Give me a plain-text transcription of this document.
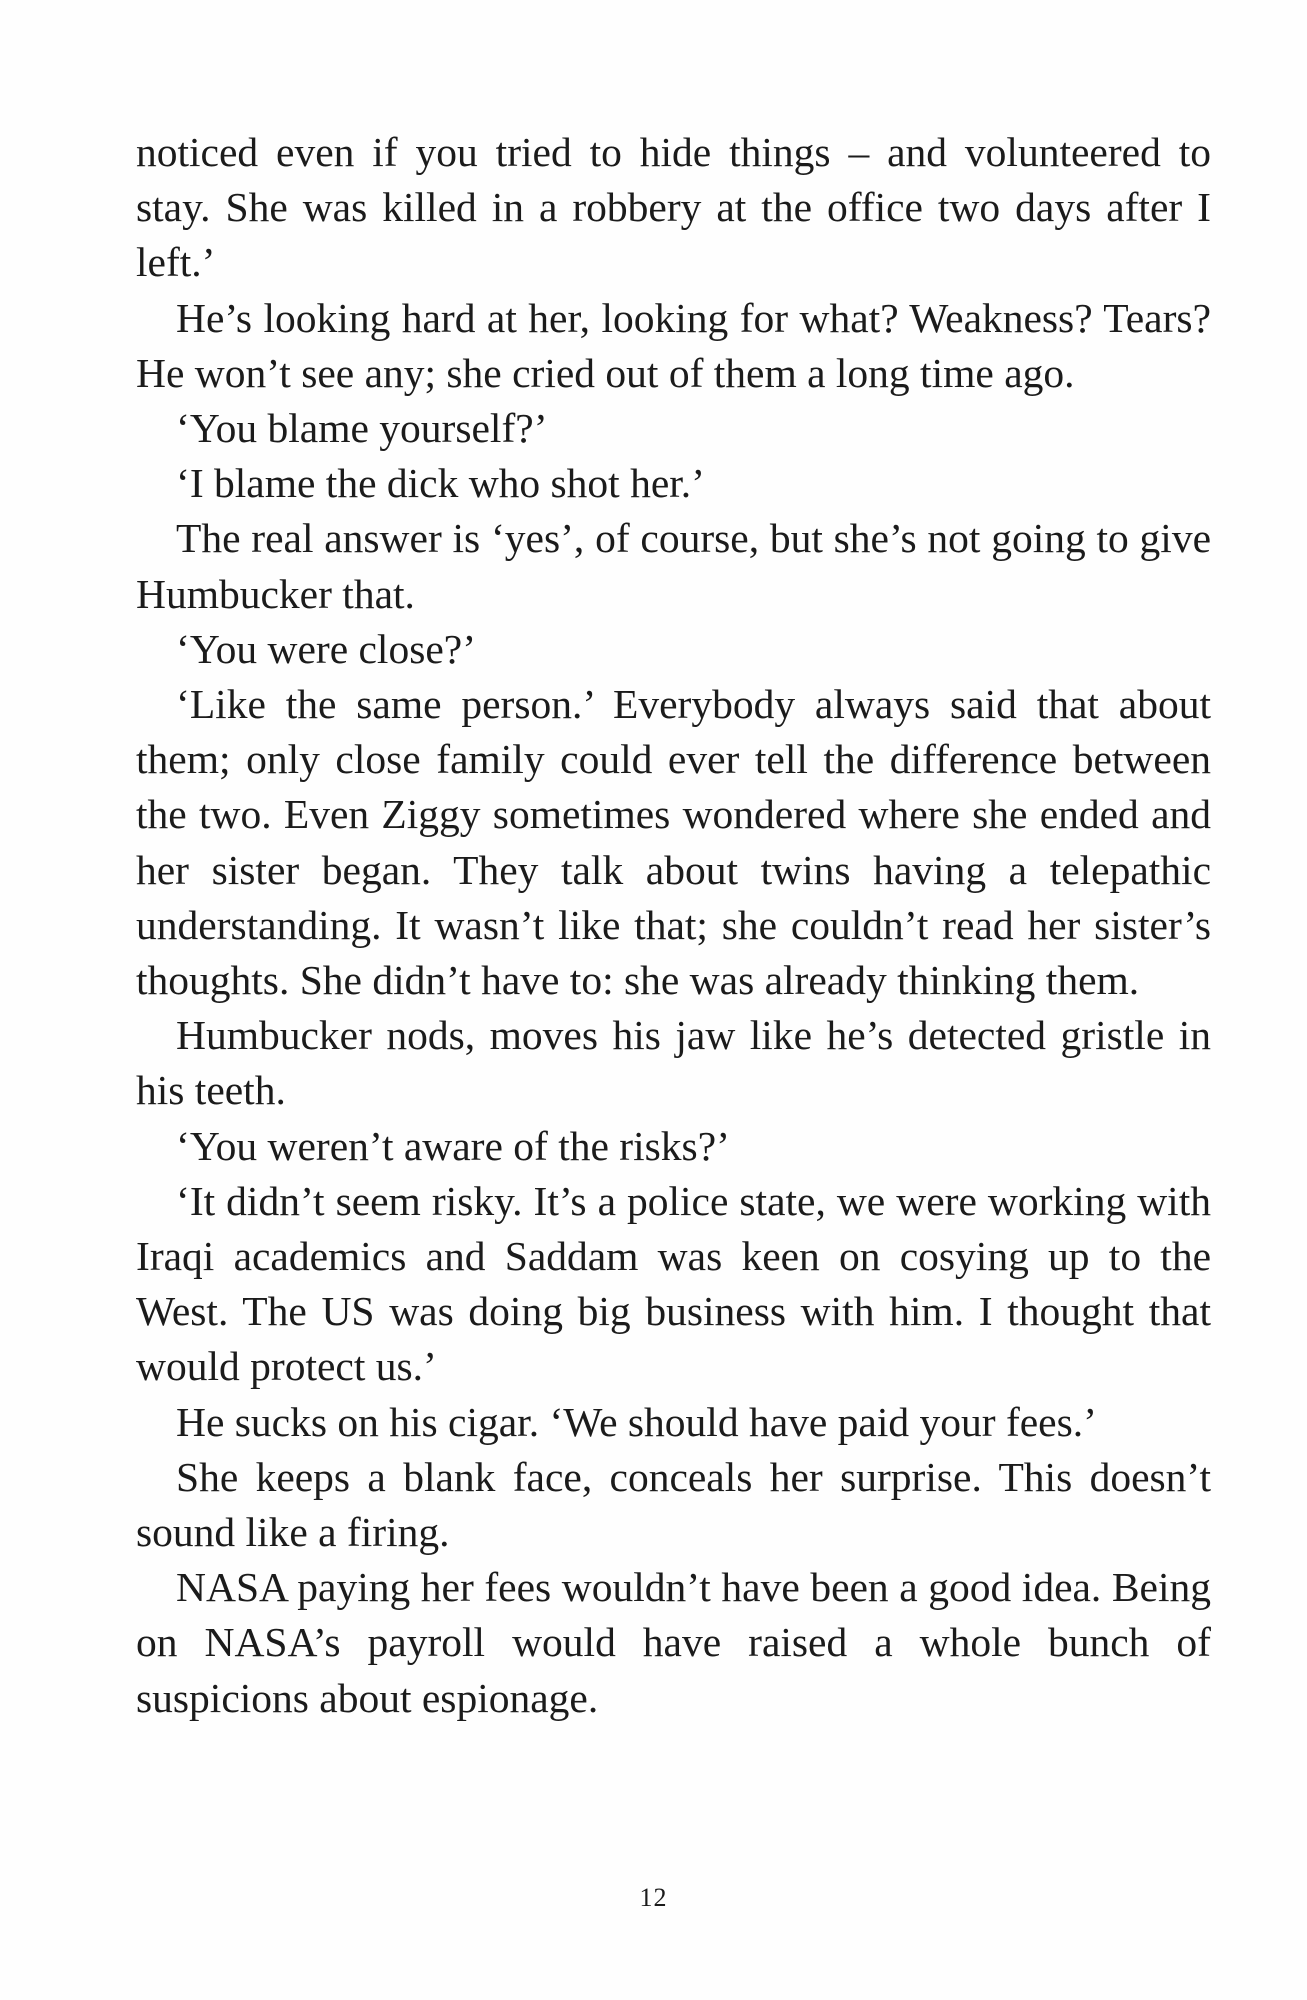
noticed even if you tried to hide things – and volunteered to stay. She was killed in a robbery at the office two days after I left.’

He’s looking hard at her, looking for what? Weakness? Tears? He won’t see any; she cried out of them a long time ago.

‘You blame yourself?’

‘I blame the dick who shot her.’

The real answer is ‘yes’, of course, but she’s not going to give Humbucker that.

‘You were close?’

‘Like the same person.’ Everybody always said that about them; only close family could ever tell the difference between the two. Even Ziggy sometimes wondered where she ended and her sister began. They talk about twins having a telepathic understanding. It wasn’t like that; she couldn’t read her sister’s thoughts. She didn’t have to: she was already thinking them.

Humbucker nods, moves his jaw like he’s detected gristle in his teeth.

‘You weren’t aware of the risks?’

‘It didn’t seem risky. It’s a police state, we were working with Iraqi academics and Saddam was keen on cosying up to the West. The US was doing big business with him. I thought that would protect us.’

He sucks on his cigar. ‘We should have paid your fees.’

She keeps a blank face, conceals her surprise. This doesn’t sound like a firing.

NASA paying her fees wouldn’t have been a good idea. Being on NASA’s payroll would have raised a whole bunch of suspicions about espionage.

12
